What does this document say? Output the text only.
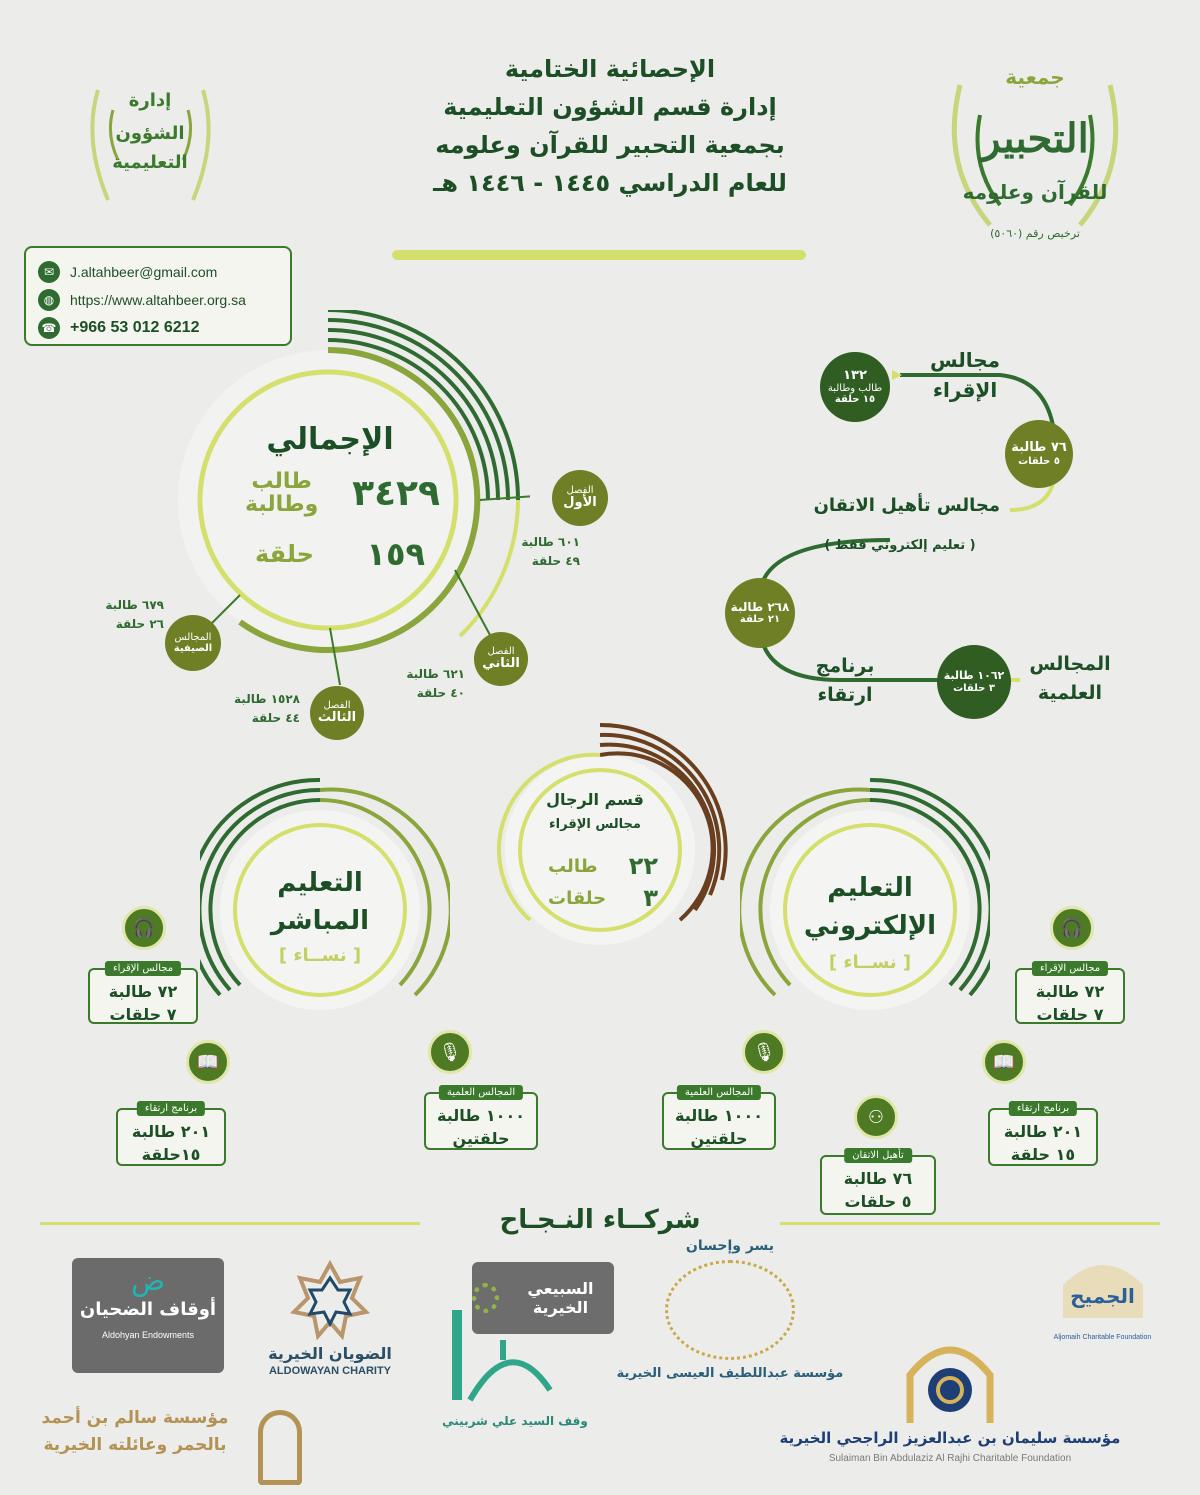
الإحصائية الختامية
إدارة قسم الشؤون التعليمية
بجمعية التحبير للقرآن وعلومه
للعام الدراسي ١٤٤٥ - ١٤٤٦ هـ
إدارة
الشؤون
التعليمية
جمعية
التحبير
للقرآن وعلومه
ترخيص رقم (٥٠٦٠)
✉	J.altahbeer@gmail.com
◍	https://www.altahbeer.org.sa
☎ +966 53 012 6212
الإجمالي
٣٤٢٩
طالب
وطالبة
١٥٩
حلقة
الفصل
الأول
٦٠١ طالبة
٤٩ حلقة
الفصل
الثاني
٦٢١ طالبة
٤٠ حلقة
الفصل
الثالث
١٥٢٨ طالبة
٤٤ حلقة
المجالس
الصيفية
٦٧٩ طالبة
٢٦ حلقة
١٣٢
طالب وطالبة
١٥ حلقة
مجالس
الإقراء
٧٦ طالبة
٥ حلقات
مجالس تأهيل الاتقان
( تعليم إلكتروني فقط )
٢٦٨ طالبة
٢١ حلقة
برنامج
ارتقاء
١٠٦٢ طالبة
٣ حلقات
المجالس
العلمية
قسم الرجال
مجالس الإقراء
٢٢
طالب
٣
حلقات
التعليم
المباشر
[ نســاء ]
🎧
مجالس الإقراء
٧٢ طالبة
٧ حلقات
📖
برنامج ارتقاء
٢٠١ طالبة
١٥حلقة
🎙
المجالس العلمية
١٠٠٠ طالبة
حلقتين
التعليم
الإلكتروني
[ نســاء ]
🎧
مجالس الإقراء
٧٢ طالبة
٧ حلقات
📖
برنامج ارتقاء
٢٠١ طالبة
١٥ حلقة
🎙
المجالس العلمية
١٠٠٠ طالبة
حلقتين
⚇
تأهيل الاتقان
٧٦ طالبة
٥ حلقات
شركــاء النـجـاح
ض
أوقاف الضحيان
Aldohyan Endowments
الضويان الخيرية
ALDOWAYAN CHARITY
السبيعي الخيرية
يسر وإحسان
مؤسسة عبداللطيف العيسى الخيرية
الجميح
Aljomaih Charitable Foundation
مؤسسة سالم بن أحمد بالحمر وعائلته الخيرية
وقف السيد علي شربيني
مؤسسة سليمان بن عبدالعزيز الراجحي الخيرية
Sulaiman Bin Abdulaziz Al Rajhi Charitable Foundation
